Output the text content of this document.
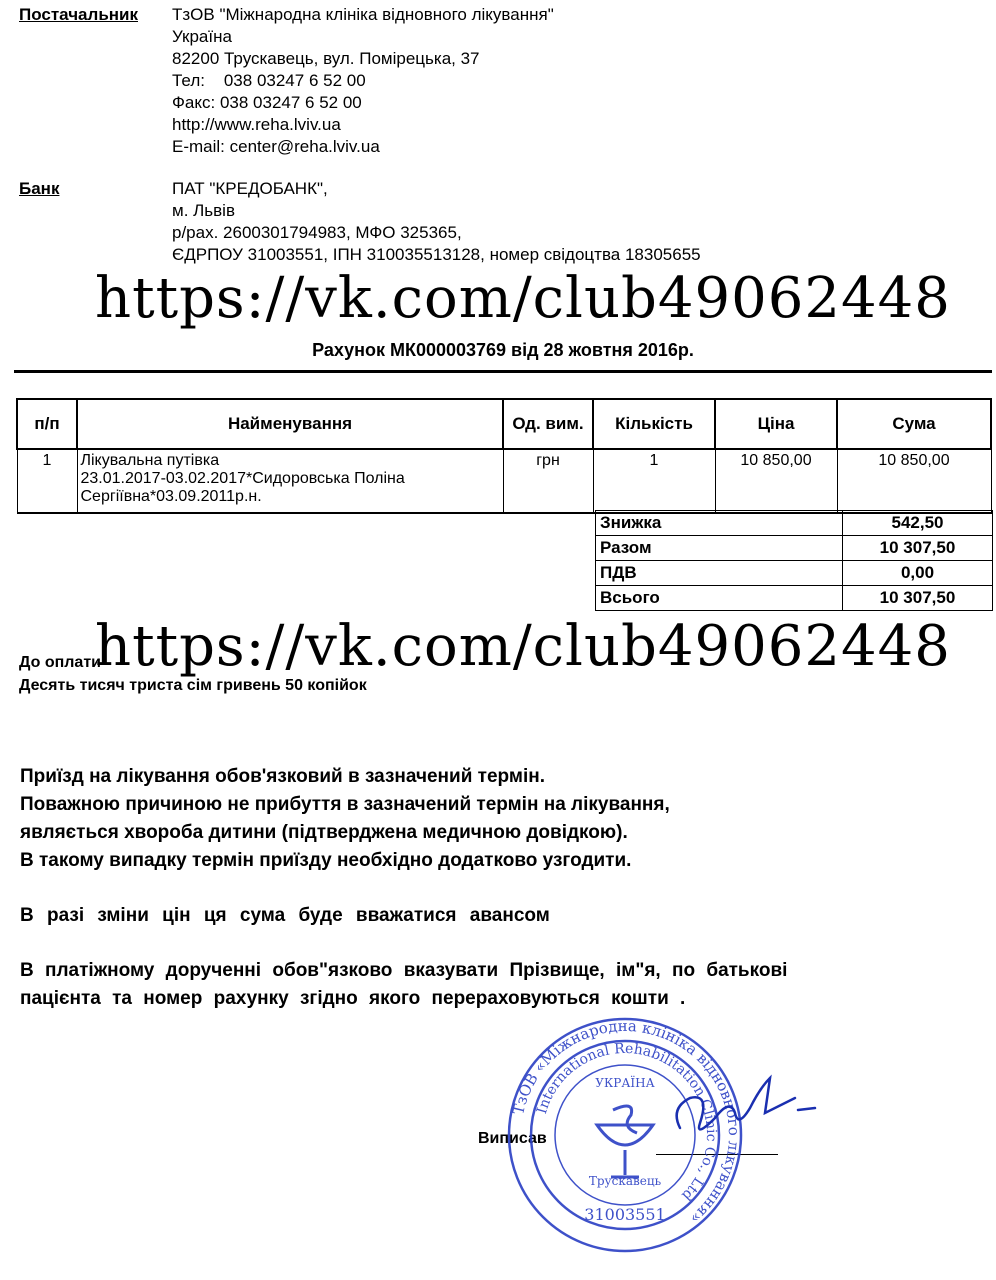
Постачальник ТзОВ "Міжнародна клініка відновного лікування"
Україна
82200 Трускавець, вул. Помірецька, 37
Тел:    038 03247 6 52 00
Факс: 038 03247 6 52 00
http://www.reha.lviv.ua
E-mail: center@reha.lviv.ua
Банк	ПАТ "КРЕДОБАНК",
м. Львів
р/рах. 2600301794983, МФО 325365,
ЄДРПОУ 31003551, ІПН 310035513128, номер свідоцтва 18305655
https://vk.com/club49062448
Рахунок МК000003769 від 28 жовтня 2016р.
п/п	Найменування	Од. вим.	Кількість	Ціна	Сума
1	Лікувальна путівка
23.01.2017-03.02.2017*Сидоровська Поліна
Сергіївна*03.09.2011р.н.	грн	1	10 850,00	10 850,00
Знижка	542,50
Разом	10 307,50
ПДВ	0,00
Всього	10 307,50
До оплати
Десять тисяч триста сім гривень 50 копійок
https://vk.com/club49062448
Приїзд на лікування обов'язковий в зазначений термін.
Поважною причиною не прибуття в зазначений термін на лікування,
являється хвороба дитини (підтверджена медичною довідкою).
В такому випадку термін приїзду необхідно додатково узгодити.
В разі зміни цін ця сума буде вважатися авансом
В платіжному дорученні обов"язково вказувати Прізвище, ім"я, по батькові
пацієнта та номер рахунку згідно якого перераховуються кошти .
Виписав
ТзОВ «Міжнародна клініка відновного лікування»
International Rehabilitation Clinic Co., Ltd
УКРАЇНА
Трускавець
31003551
